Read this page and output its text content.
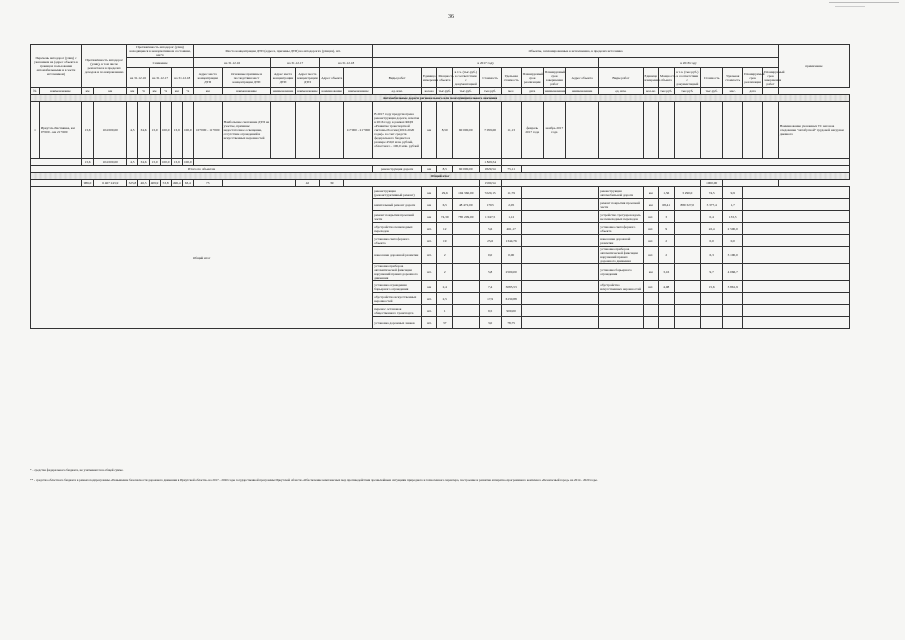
36
Перечень автодорог (улиц) с указанием на (адрес объекта в границах пользования автомобильными и в части источником)		Протяжённость автодорог (улиц), в том числе ремонтом и в пределах доходов и по направлению		Протяжённость автодорог (улиц) находящиеся в ненормативном состоянии, км/%						Место концентрации ДТП (адреса, причины ДТП) на автодорогах (улицах), шт.						Объекты, запланированные к исполнению, в пределах источника																	примечание
				Снижение						на 31.12.16		на 31.12.17		на 31.12.18		в 2017 году									в 2018 году								
				на 31.12.16		на 31.12.17		на 31.12.18		Адрес места концентрации ДТП	Основные причины и последствия мест концентрации ДТП	Адрес места концентрации ДТП	Адрес места концентрации ДТП	Адрес объекта		Виды работ	Единица измерения	Мощность объекта	в т.ч. (тыс.руб.) в соответствии с документацией	Стоимость	Удельная стоимость	Планируемый срок реализации	Планируемый срок завершения работ	Адрес объекта	Виды работ	Единица измерения	Мощность объекта	в т.ч. (тыс.руб.) в соответствии с документацией	Стоимость	Удельная стоимость	Планируемый срок реализации	Планируемый срок завершения работ	
№	наименование	км	км	км	%	км	%	км	%	км	наименование	наименование	наименование	наименование	наименование	ед. изм.	кол-во	тыс.руб.	тыс.руб.	тыс.руб.	мес.	дата	наименование	наименование	ед. изм.	кол-во	тыс.руб.	тыс.руб.	тыс.руб.	мес.	дата		
Автомобильные дороги регионального или межмуниципального значения																																	
1	Иркутск-Листвянка, км 0+000 - км 21+600	13,6	104 000,00	4,5	34,6	13,0	100,0	13,9	100,0	10+000 - 11+000	Наибольшее скопление ДТП на участке, причины: недостаточное освещение, отсутствие ограждений и искусственных неровностей				11+000 - 21+000	В 2017 году предусмотрена реконструкция дороги, начатая в 2016 году, в рамках ФЦП «Развитие транспортной системы России (2010-2020 годы)» за счет средств федерального бюджета в размере 450,0 млн. рублей, областного - 100,0 млн. рублей	км	8,50	60 000,00	7 059,00	11,13	февраль 2017 года	ноябрь 2017 года										Наименование указанных ТС вагонов следование "автобусной" трудовой нагрузки дневного
		13,6	104 000,00	4,5	34,6	13,0	100,0	13,9	100,0											1 829,54													
Итого по объектам																реконструкция дороги	км	8,5	60 000,00	1829,54	75,11												
Общий итог																																	
		986,0	6 467 243,9	325,8	46,3	409,9	53,8	496,4	63,4	73			42	39						1590,54									1000,00				
Общий итог																реконструкция (реконструктивный ремонт)	км	29,6	194 360,00	7220,15	11,79				реконструкция автомобильной дороги	км	1,56	3 290,0	74,5	9,9			
																капитальный ремонт дороги	км	6,5	48 472,00	1763	2,05				ремонт покрытия проезжей части	км	68,41	889 327,0	3 377,4	1,7			
																ремонт покрытия проезжей части	км	74,39	785 209,00	1 047,5	1,12				устройство тротуаров вдоль не пешеходных переходов	шт.	3		0,4	133,3			
																обустройство пешеходных переходов	шт.	12		5,6	461,17				установка светофорного объекта	шт.	9		22,4	2 500,0			
																установка светофорного объекта	шт.	19		25,6	1344,76				нанесение дорожной разметки	шт.	2		0,0	0,0			
																нанесение дорожной разметки	шт.	2		0,0	0,00				установка приборов автоматической фиксации нарушений правил дорожного движения	шт.	2		6,3	3 190,0			
																установка приборов автоматической фиксации нарушений правил дорожного движения	шт.	2		5,8	2500,00				установка барьерного ограждения	км	3,16		9,7	4 066,7			
																установка ограждения барьерного ограждения	км	2,4		7,4	3085,53				обустройство искусственных неровностей	шт.	4,08		15,6	3 861,9			
																обустройство искусственных неровностей	шт.	2,5		17,9	6130,88												
																перенос остановок общественного транспорта	шт.	1		9,5	900,00												
																установка дорожных знаков	шт.	37		3,0	78,75												
* - средства федерального бюджета, не учитываются в общей сумме.
** - средства областного бюджета в рамках подпрограммы «Повышение безопасности дорожного движения в Иркутской области» на 2017 - 2020 годы государственной программы Иркутской области «Обеспечение комплексных мер противодействия чрезвычайным ситуациям природного и техногенного характера, построение и развитие аппаратно-программного комплекса «Безопасный город» на 2014 - 2020 годы.
